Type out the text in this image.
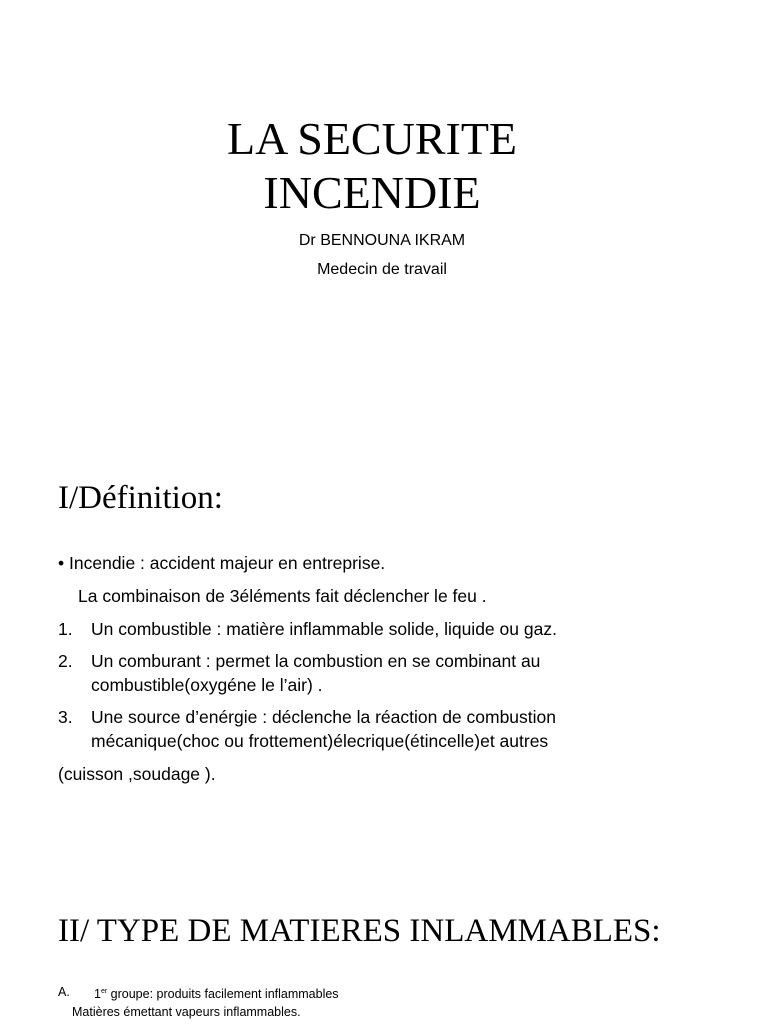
LA SECURITE
INCENDIE
Dr BENNOUNA IKRAM
Medecin de travail
I/Définition:
• Incendie : accident majeur en entreprise.
La combinaison de 3éléments fait déclencher le feu .
1. Un combustible : matière inflammable solide, liquide ou gaz.
2. Un comburant : permet la combustion en se combinant au
combustible(oxygéne le l’air) .
3. Une source d’enérgie : déclenche la réaction de combustion
mécanique(choc ou frottement)élecrique(étincelle)et autres
(cuisson ,soudage ).
II/ TYPE DE MATIERES INLAMMABLES:
A. 1er groupe: produits facilement inflammables
Matières émettant vapeurs inflammables.
